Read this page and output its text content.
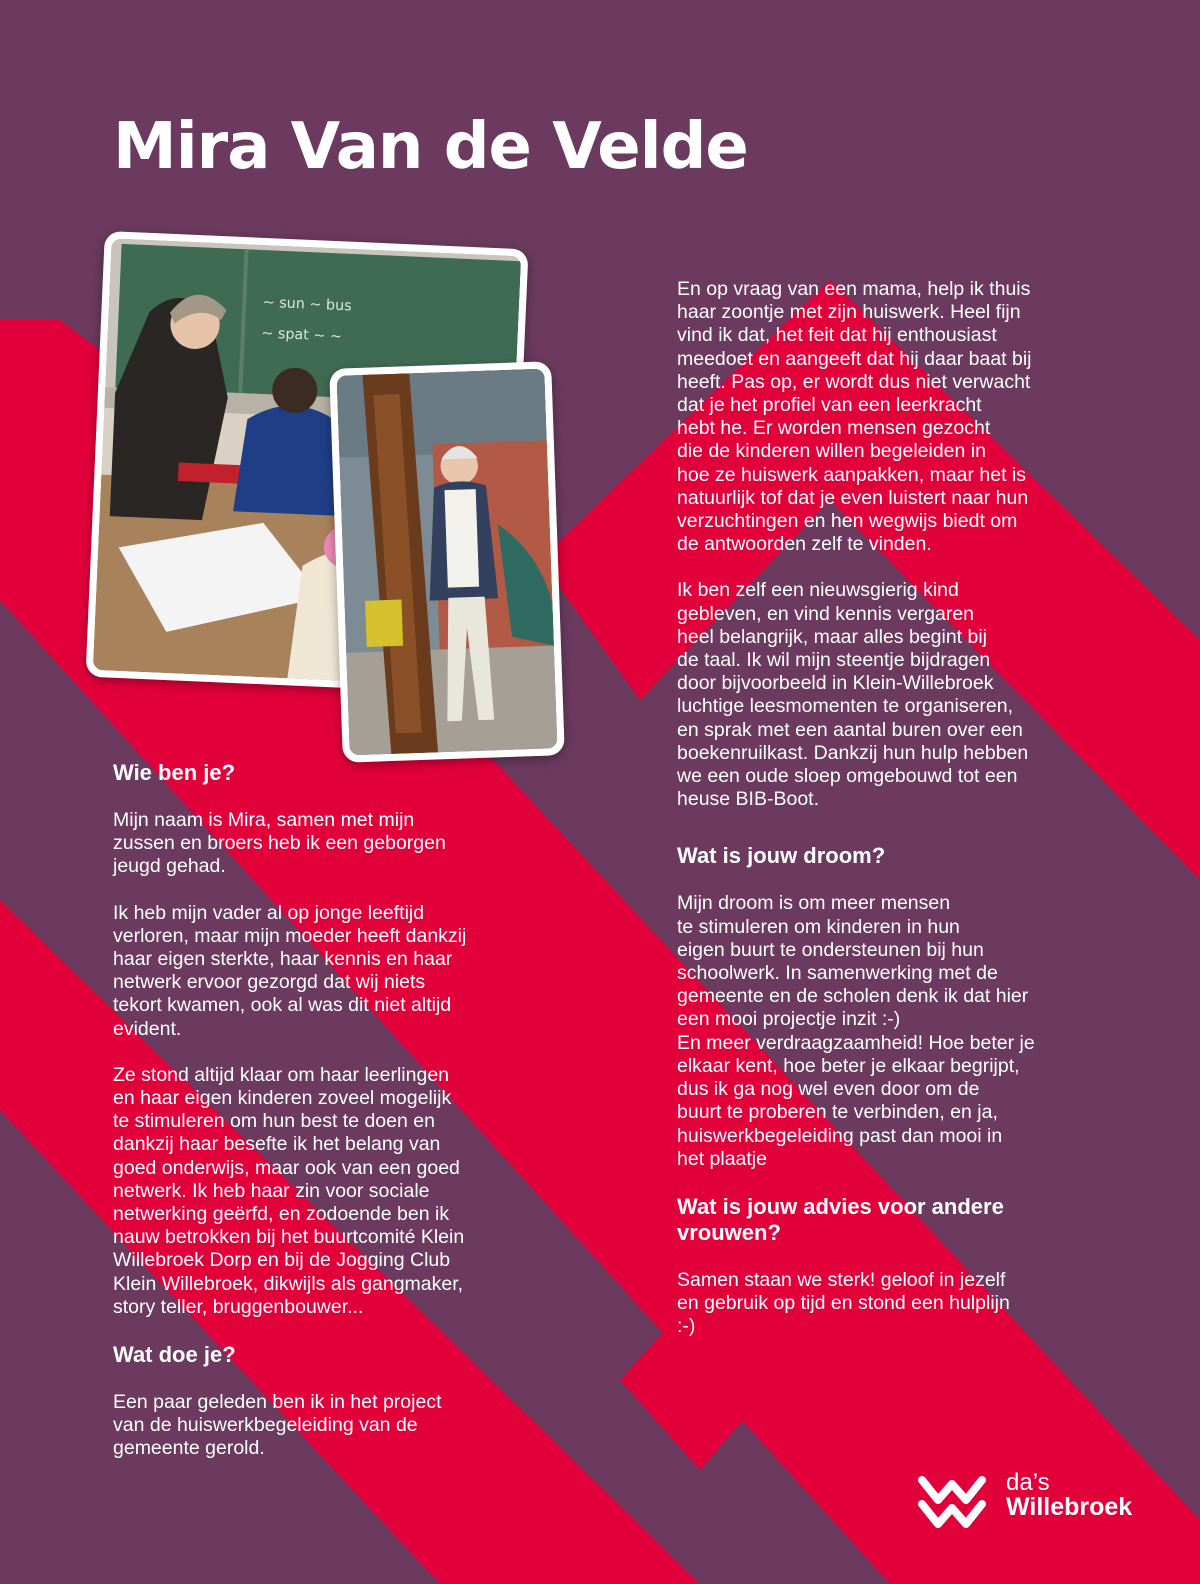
Mira Van de Velde
~ sun ~ bus
~ spat ~ ~
Wie ben je?

Mijn naam is Mira, samen met mijn
zussen en broers heb ik een geborgen
jeugd gehad.

Ik heb mijn vader al op jonge leeftijd
verloren, maar mijn moeder heeft dankzij
haar eigen sterkte, haar kennis en haar
netwerk ervoor gezorgd dat wij niets
tekort kwamen, ook al was dit niet altijd
evident.

Ze stond altijd klaar om haar leerlingen
en haar eigen kinderen zoveel mogelijk
te stimuleren om hun best te doen en
dankzij haar besefte ik het belang van
goed onderwijs, maar ook van een goed
netwerk. Ik heb haar zin voor sociale
netwerking geërfd, en zodoende ben ik
nauw betrokken bij het buurtcomité Klein
Willebroek Dorp en bij de Jogging Club
Klein Willebroek, dikwijls als gangmaker,
story teller, bruggenbouwer...

Wat doe je?

Een paar geleden ben ik in het project
van de huiswerkbegeleiding van de
gemeente gerold.

En op vraag van een mama, help ik thuis
haar zoontje met zijn huiswerk. Heel fijn
vind ik dat, het feit dat hij enthousiast
meedoet en aangeeft dat hij daar baat bij
heeft. Pas op, er wordt dus niet verwacht
dat je het profiel van een leerkracht
hebt he. Er worden mensen gezocht
die de kinderen willen begeleiden in
hoe ze huiswerk aanpakken, maar het is
natuurlijk tof dat je even luistert naar hun
verzuchtingen en hen wegwijs biedt om
de antwoorden zelf te vinden.

Ik ben zelf een nieuwsgierig kind
gebleven, en vind kennis vergaren
heel belangrijk, maar alles begint bij
de taal. Ik wil mijn steentje bijdragen
door bijvoorbeeld in Klein-Willebroek
luchtige leesmomenten te organiseren,
en sprak met een aantal buren over een
boekenruilkast. Dankzij hun hulp hebben
we een oude sloep omgebouwd tot een
heuse BIB-Boot.

Wat is jouw droom?

Mijn droom is om meer mensen
te stimuleren om kinderen in hun
eigen buurt te ondersteunen bij hun
schoolwerk. In samenwerking met de
gemeente en de scholen denk ik dat hier
een mooi projectje inzit :-)
En meer verdraagzaamheid! Hoe beter je
elkaar kent, hoe beter je elkaar begrijpt,
dus ik ga nog wel even door om de
buurt te proberen te verbinden, en ja,
huiswerkbegeleiding past dan mooi in
het plaatje

Wat is jouw advies voor andere
vrouwen?

Samen staan we sterk! geloof in jezelf
en gebruik op tijd en stond een hulplijn
:-)

da’s
Willebroek
